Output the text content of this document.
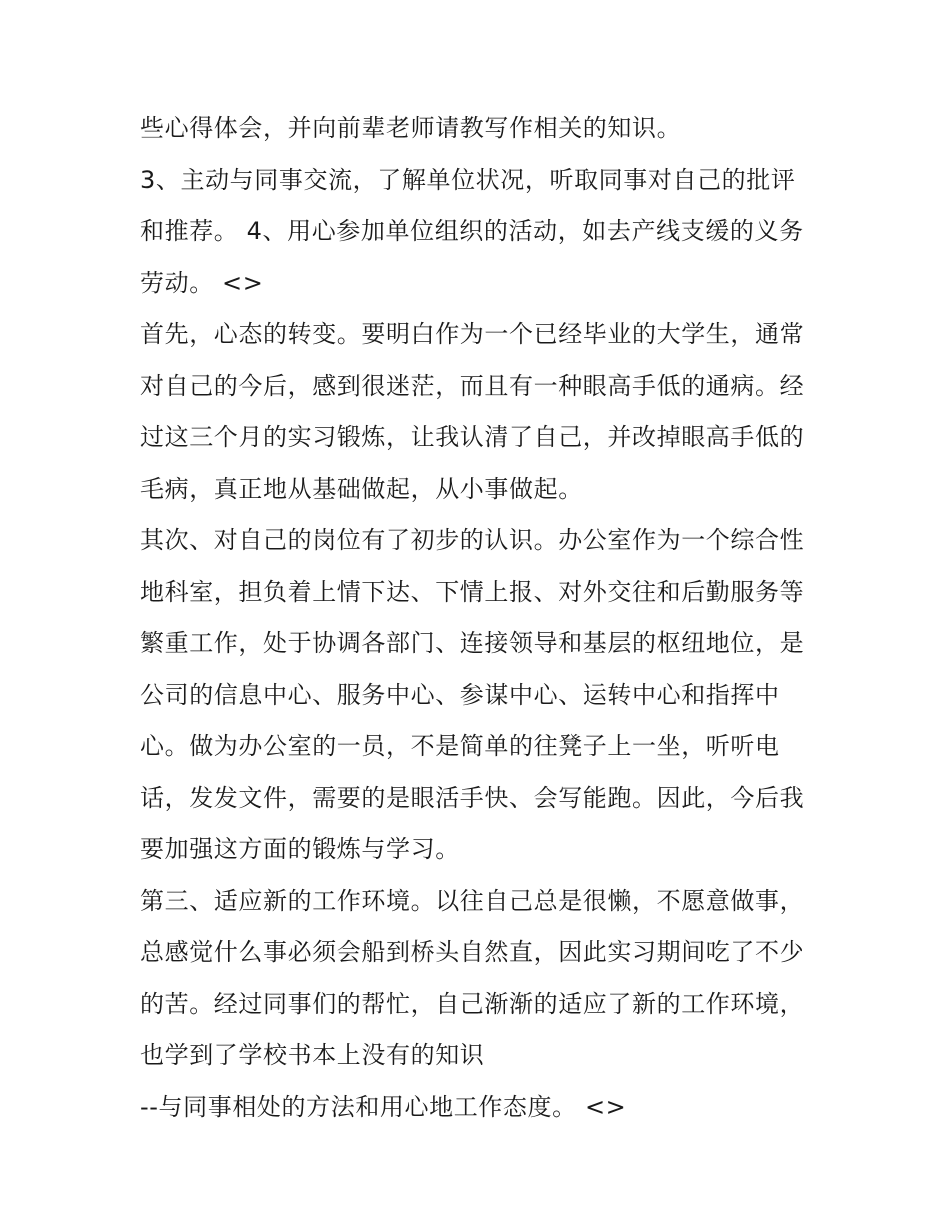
些心得体会，并向前辈老师请教写作相关的知识。
3、主动与同事交流，了解单位状况，听取同事对自己的批评
和推荐。 4、用心参加单位组织的活动，如去产线支缓的义务
劳动。 <>
首先，心态的转变。要明白作为一个已经毕业的大学生，通常
对自己的今后，感到很迷茫，而且有一种眼高手低的通病。经
过这三个月的实习锻炼，让我认清了自己，并改掉眼高手低的
毛病，真正地从基础做起，从小事做起。
其次、对自己的岗位有了初步的认识。办公室作为一个综合性
地科室，担负着上情下达、下情上报、对外交往和后勤服务等
繁重工作，处于协调各部门、连接领导和基层的枢纽地位，是
公司的信息中心、服务中心、参谋中心、运转中心和指挥中
心。做为办公室的一员，不是简单的往凳子上一坐，听听电
话，发发文件，需要的是眼活手快、会写能跑。因此，今后我
要加强这方面的锻炼与学习。
第三、适应新的工作环境。以往自己总是很懒，不愿意做事，
总感觉什么事必须会船到桥头自然直，因此实习期间吃了不少
的苦。经过同事们的帮忙，自己渐渐的适应了新的工作环境，
也学到了学校书本上没有的知识
--与同事相处的方法和用心地工作态度。 <>
